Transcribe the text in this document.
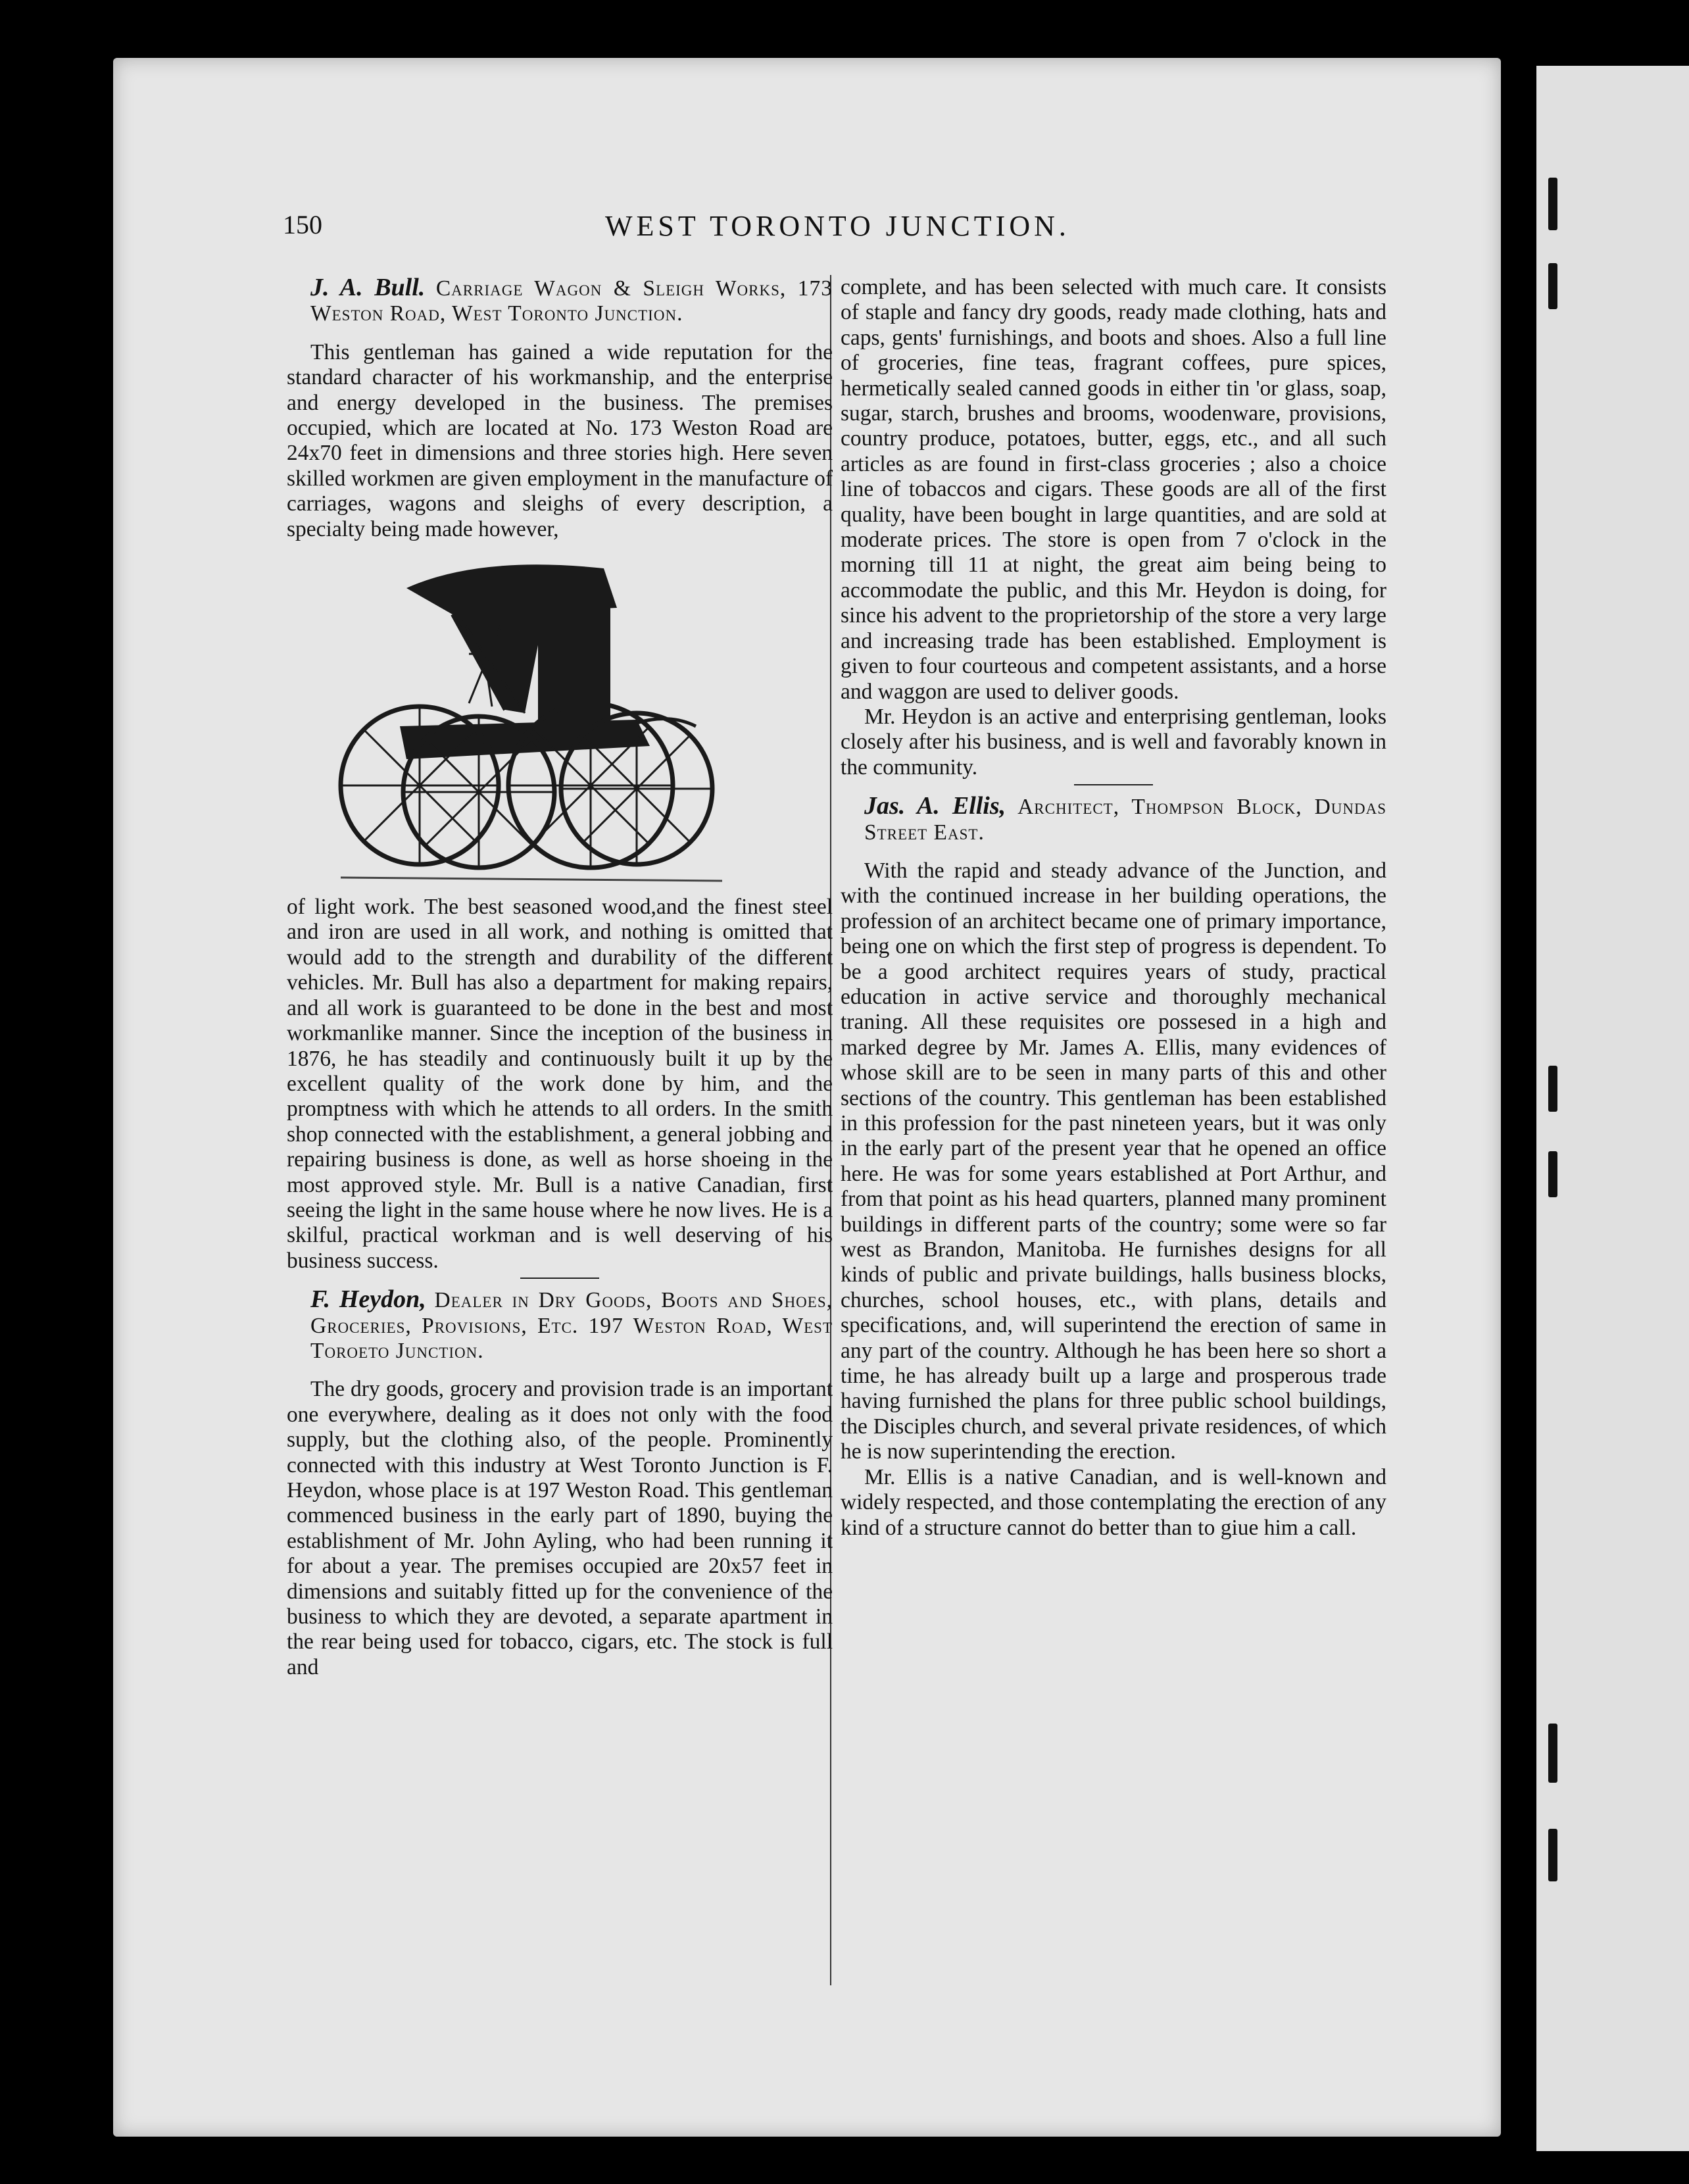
150	WEST TORONTO JUNCTION.
J. A. Bull. Carriage Wagon & Sleigh Works, 173 Weston Road, West Toronto Junction.

This gentleman has gained a wide reputation for the standard character of his workmanship, and the enterprise and energy developed in the business. The premises occupied, which are located at No. 173 Weston Road are 24x70 feet in dimensions and three stories high. Here seven skilled workmen are given employment in the manufacture of carriages, wagons and sleighs of every description, a specialty being made however,

of light work. The best seasoned wood,and the finest steel and iron are used in all work, and nothing is omitted that would add to the strength and durability of the different vehicles. Mr. Bull has also a department for making repairs, and all work is guaranteed to be done in the best and most workmanlike manner. Since the inception of the business in 1876, he has steadily and continuously built it up by the excellent quality of the work done by him, and the promptness with which he attends to all orders. In the smith shop connected with the establishment, a general jobbing and repairing business is done, as well as horse shoeing in the most approved style. Mr. Bull is a native Canadian, first seeing the light in the same house where he now lives. He is a skilful, practical workman and is well deserving of his business success.

F. Heydon, Dealer in Dry Goods, Boots and Shoes, Groceries, Provisions, Etc. 197 Weston Road, West Toroeto Junction.

The dry goods, grocery and provision trade is an important one everywhere, dealing as it does not only with the food supply, but the clothing also, of the people. Prominently connected with this industry at West Toronto Junction is F. Heydon, whose place is at 197 Weston Road. This gentleman commenced business in the early part of 1890, buying the establishment of Mr. John Ayling, who had been running it for about a year. The premises occupied are 20x57 feet in dimensions and suitably fitted up for the convenience of the business to which they are devoted, a separate apartment in the rear being used for tobacco, cigars, etc. The stock is full and

complete, and has been selected with much care. It consists of staple and fancy dry goods, ready made clothing, hats and caps, gents' furnishings, and boots and shoes. Also a full line of groceries, fine teas, fragrant coffees, pure spices, hermetically sealed canned goods in either tin 'or glass, soap, sugar, starch, brushes and brooms, woodenware, provisions, country produce, potatoes, butter, eggs, etc., and all such articles as are found in first-class groceries ; also a choice line of tobaccos and cigars. These goods are all of the first quality, have been bought in large quantities, and are sold at moderate prices. The store is open from 7 o'clock in the morning till 11 at night, the great aim being being to accommodate the public, and this Mr. Heydon is doing, for since his advent to the proprietorship of the store a very large and increasing trade has been established. Employment is given to four courteous and competent assistants, and a horse and waggon are used to deliver goods.

Mr. Heydon is an active and enterprising gentleman, looks closely after his business, and is well and favorably known in the community.

Jas. A. Ellis, Architect, Thompson Block, Dundas Street East.

With the rapid and steady advance of the Junction, and with the continued increase in her building operations, the profession of an architect became one of primary importance, being one on which the first step of progress is dependent. To be a good architect requires years of study, practical education in active service and thoroughly mechanical traning. All these requisites ore possesed in a high and marked degree by Mr. James A. Ellis, many evidences of whose skill are to be seen in many parts of this and other sections of the country. This gentleman has been established in this profession for the past nineteen years, but it was only in the early part of the present year that he opened an office here. He was for some years established at Port Arthur, and from that point as his head quarters, planned many prominent buildings in different parts of the country; some were so far west as Brandon, Manitoba. He furnishes designs for all kinds of public and private buildings, halls business blocks, churches, school houses, etc., with plans, details and specifications, and, will superintend the erection of same in any part of the country. Although he has been here so short a time, he has already built up a large and prosperous trade having furnished the plans for three public school buildings, the Disciples church, and several private residences, of which he is now superintending the erection.

Mr. Ellis is a native Canadian, and is well-known and widely respected, and those contemplating the erection of any kind of a structure cannot do better than to giue him a call.
